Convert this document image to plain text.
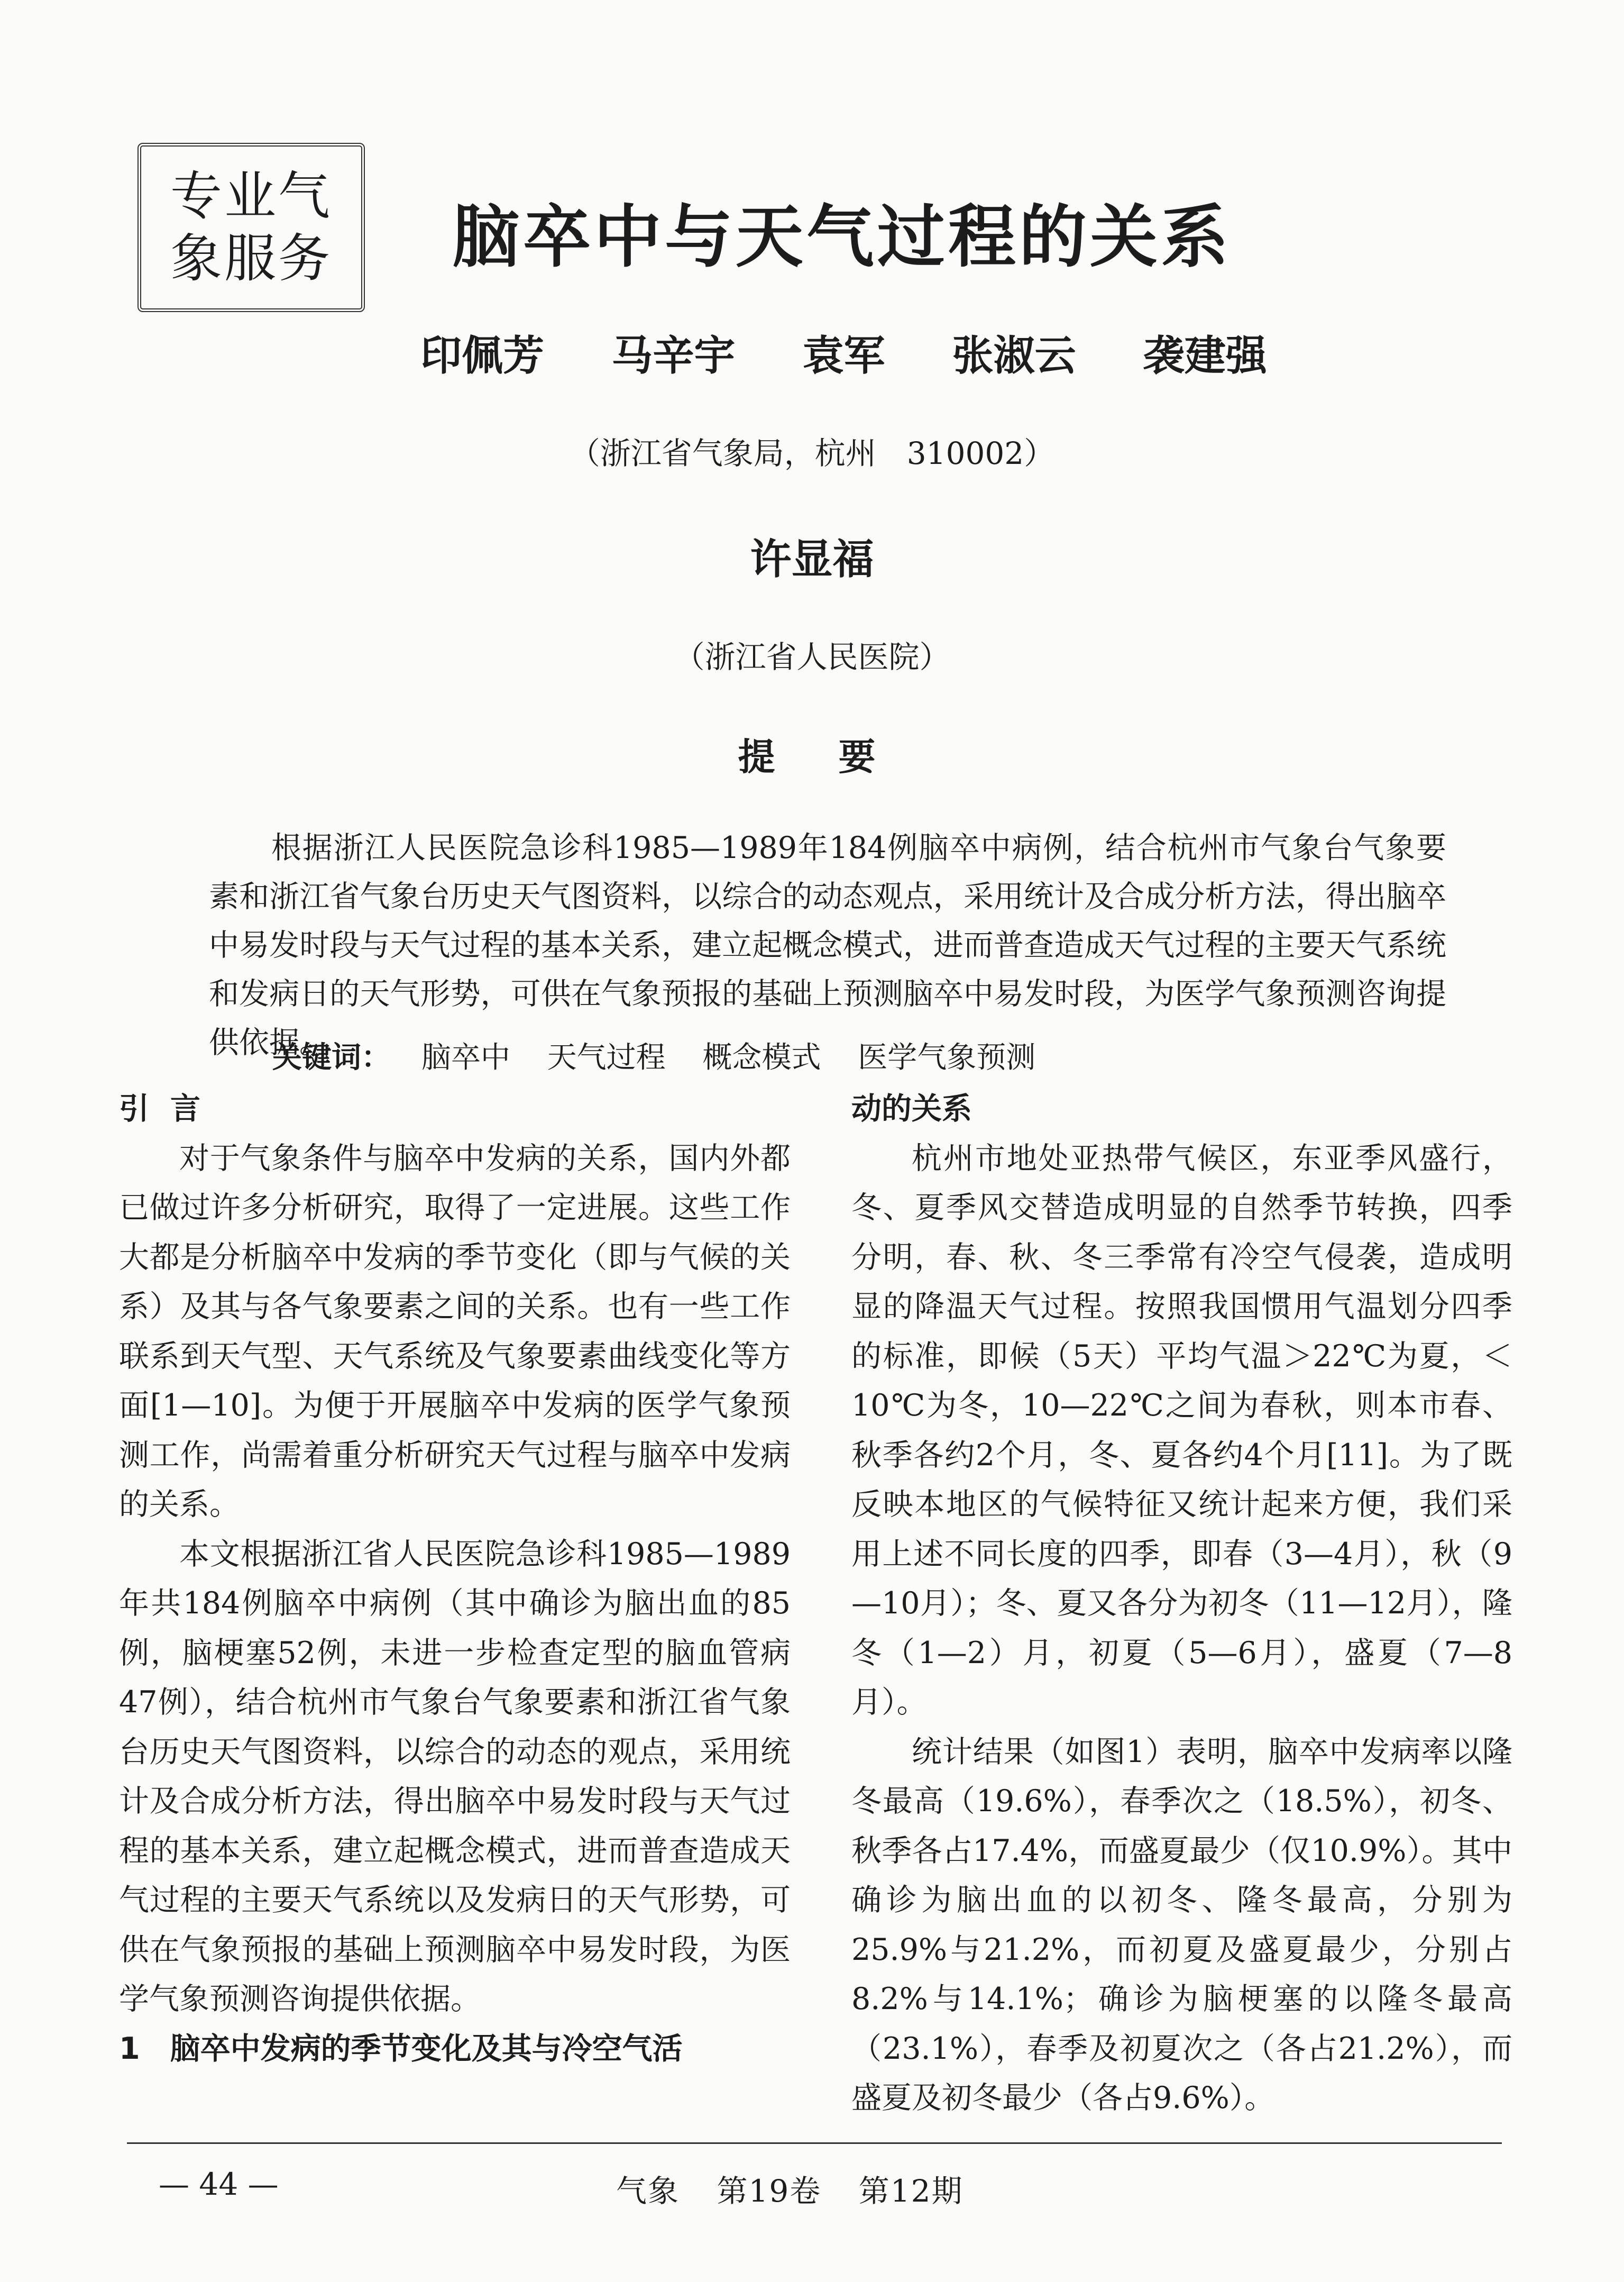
专业气
象服务 脑卒中与天气过程的关系
印佩芳 马辛宇 袁军 张淑云 袭建强
（浙江省气象局，杭州　310002）
许显福
（浙江省人民医院）
提要

根据浙江人民医院急诊科1985—1989年184例脑卒中病例，结合杭州市气象台气象要素和浙江省气象台历史天气图资料，以综合的动态观点，采用统计及合成分析方法，得出脑卒中易发时段与天气过程的基本关系，建立起概念模式，进而普查造成天气过程的主要天气系统和发病日的天气形势，可供在气象预报的基础上预测脑卒中易发时段，为医学气象预测咨询提供依据。

关键词： 脑卒中 天气过程 概念模式 医学气象预测

引言

对于气象条件与脑卒中发病的关系，国内外都已做过许多分析研究，取得了一定进展。这些工作大都是分析脑卒中发病的季节变化（即与气候的关系）及其与各气象要素之间的关系。也有一些工作联系到天气型、天气系统及气象要素曲线变化等方面[1—10]。为便于开展脑卒中发病的医学气象预测工作，尚需着重分析研究天气过程与脑卒中发病的关系。

本文根据浙江省人民医院急诊科1985—1989年共184例脑卒中病例（其中确诊为脑出血的85例，脑梗塞52例，未进一步检查定型的脑血管病47例），结合杭州市气象台气象要素和浙江省气象台历史天气图资料，以综合的动态的观点，采用统计及合成分析方法，得出脑卒中易发时段与天气过程的基本关系，建立起概念模式，进而普查造成天气过程的主要天气系统以及发病日的天气形势，可供在气象预报的基础上预测脑卒中易发时段，为医学气象预测咨询提供依据。

1　脑卒中发病的季节变化及其与冷空气活

动的关系

杭州市地处亚热带气候区，东亚季风盛行，冬、夏季风交替造成明显的自然季节转换，四季分明，春、秋、冬三季常有冷空气侵袭，造成明显的降温天气过程。按照我国惯用气温划分四季的标准，即候（5天）平均气温＞22℃为夏，＜10℃为冬，10—22℃之间为春秋，则本市春、秋季各约2个月，冬、夏各约4个月[11]。为了既反映本地区的气候特征又统计起来方便，我们采用上述不同长度的四季，即春（3—4月），秋（9—10月）；冬、夏又各分为初冬（11—12月），隆冬（1—2）月，初夏（5—6月），盛夏（7—8月）。

统计结果（如图1）表明，脑卒中发病率以隆冬最高（19.6%），春季次之（18.5%），初冬、秋季各占17.4%，而盛夏最少（仅10.9%）。其中确诊为脑出血的以初冬、隆冬最高，分别为25.9%与21.2%，而初夏及盛夏最少，分别占8.2%与14.1%；确诊为脑梗塞的以隆冬最高（23.1%），春季及初夏次之（各占21.2%），而盛夏及初冬最少（各占9.6%）。

— 44 —	气象 第19卷 第12期
